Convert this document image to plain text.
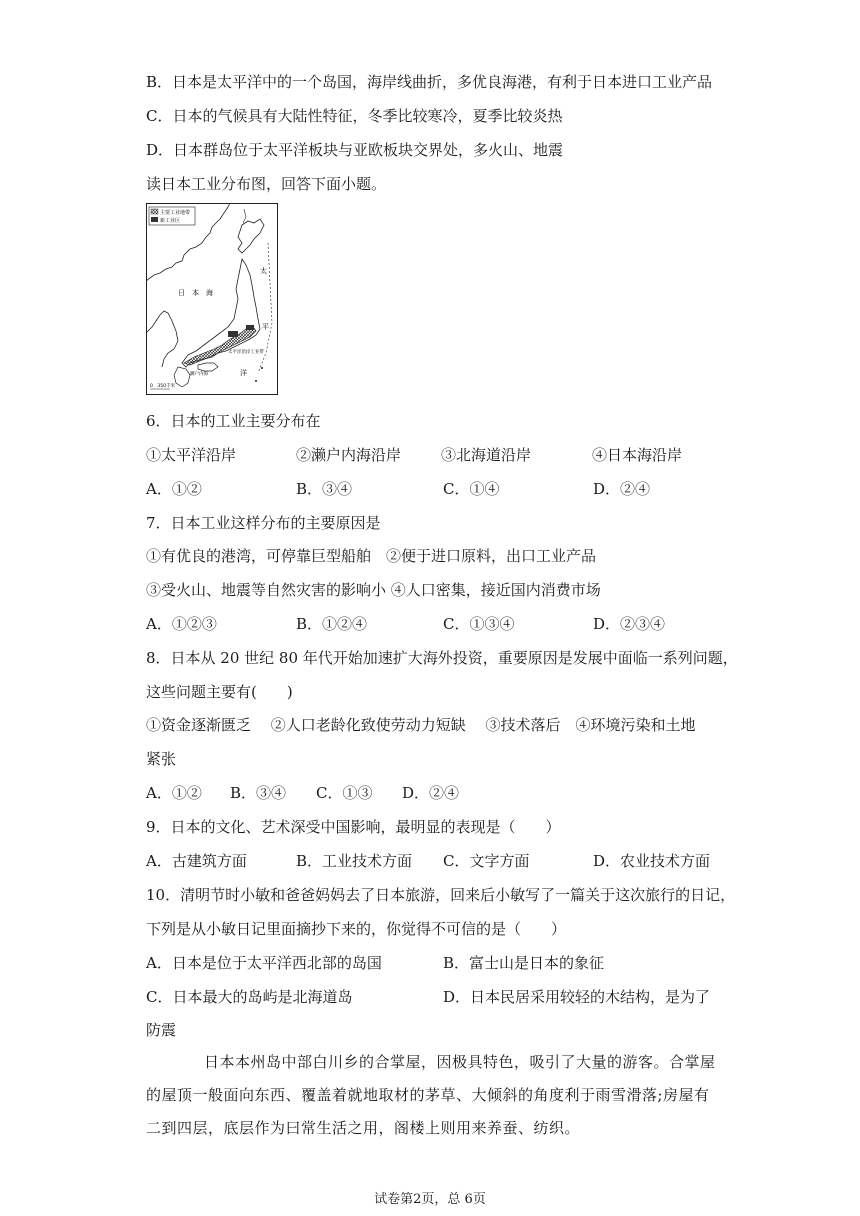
B．日本是太平洋中的一个岛国，海岸线曲折，多优良海港，有利于日本进口工业产品
C．日本的气候具有大陆性特征，冬季比较寒冷，夏季比较炎热
D．日本群岛位于太平洋板块与亚欧板块交界处，多火山、地震
读日本工业分布图，回答下面小题。
主要工业地带
新工业区
日　本　海
太
平
洋
濑户内海
太平洋沿岸工业带
0　350千米
6．日本的工业主要分布在
①太平洋沿岸	②濑户内海沿岸	③北海道沿岸	④日本海沿岸
A．①②	B．③④	C．①④	D．②④
7．日本工业这样分布的主要原因是
①有优良的港湾，可停靠巨型船舶　②便于进口原料，出口工业产品
③受火山、地震等自然灾害的影响小 ④人口密集，接近国内消费市场
A．①②③	B．①②④	C．①③④	D．②③④
8．日本从 20 世纪 80 年代开始加速扩大海外投资，重要原因是发展中面临一系列问题，
这些问题主要有(　　)
①资金逐渐匮乏　 ②人口老龄化致使劳动力短缺　 ③技术落后　④环境污染和土地
紧张
A．①② B．③④ C．①③ D．②④
9．日本的文化、艺术深受中国影响，最明显的表现是（　　）
A．古建筑方面	B．工业技术方面 C．文字方面	D．农业技术方面
10．清明节时小敏和爸爸妈妈去了日本旅游，回来后小敏写了一篇关于这次旅行的日记，
下列是从小敏日记里面摘抄下来的，你觉得不可信的是（　　）
A．日本是位于太平洋西北部的岛国	B．富士山是日本的象征
C．日本最大的岛屿是北海道岛	D．日本民居采用较轻的木结构，是为了
防震
日本本州岛中部白川乡的合掌屋，因极具特色，吸引了大量的游客。合掌屋的屋顶一般面向东西、覆盖着就地取材的茅草、大倾斜的角度利于雨雪滑落;房屋有二到四层，底层作为曰常生活之用，阁楼上则用来养蚕、纺织。
试卷第2页，总 6页
